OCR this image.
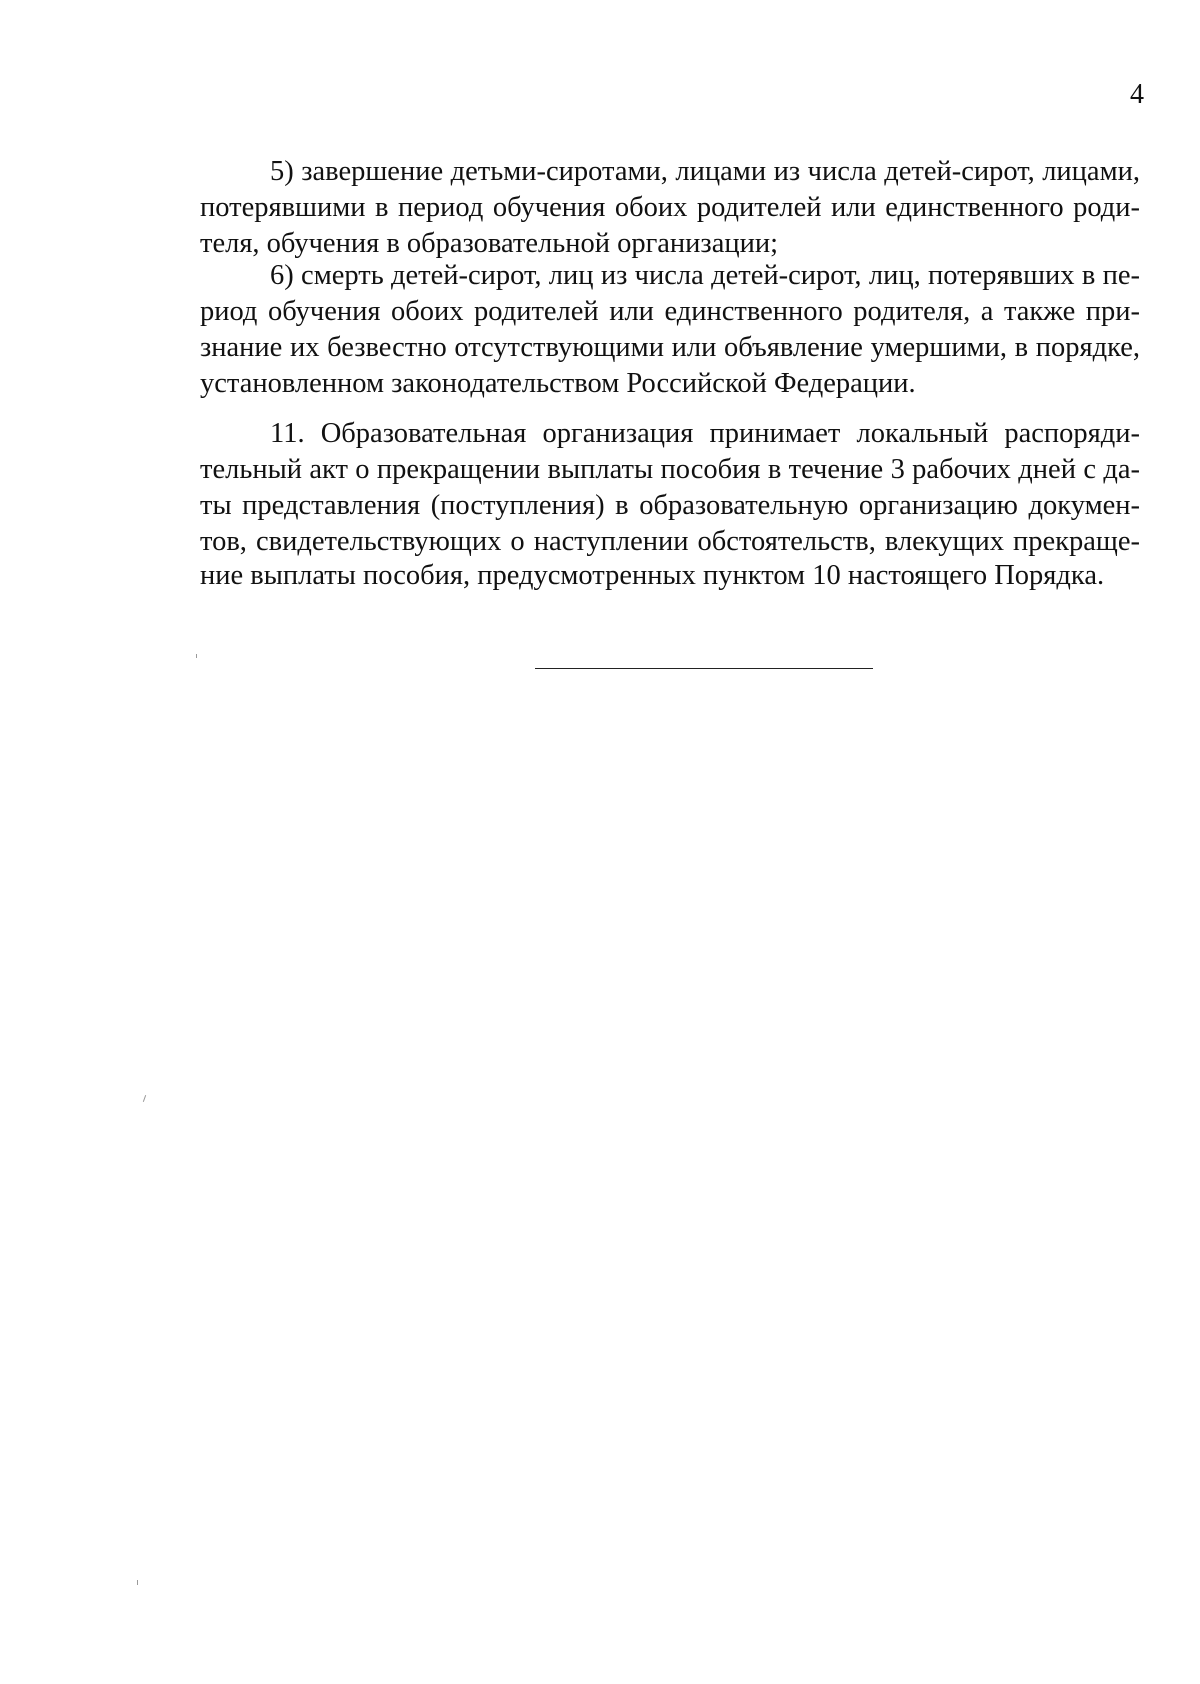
4
5) завершение детьми-сиротами, лицами из числа детей-сирот, лицами,
потерявшими в период обучения обоих родителей или единственного роди-
теля, обучения в образовательной организации;
6) смерть детей-сирот, лиц из числа детей-сирот, лиц, потерявших в пе-
риод обучения обоих родителей или единственного родителя, а также при-
знание их безвестно отсутствующими или объявление умершими, в порядке,
установленном законодательством Российской Федерации.
11. Образовательная организация принимает локальный распоряди-
тельный акт о прекращении выплаты пособия в течение 3 рабочих дней с да-
ты представления (поступления) в образовательную организацию докумен-
тов, свидетельствующих о наступлении обстоятельств, влекущих прекраще-
ние выплаты пособия, предусмотренных пунктом 10 настоящего Порядка.
